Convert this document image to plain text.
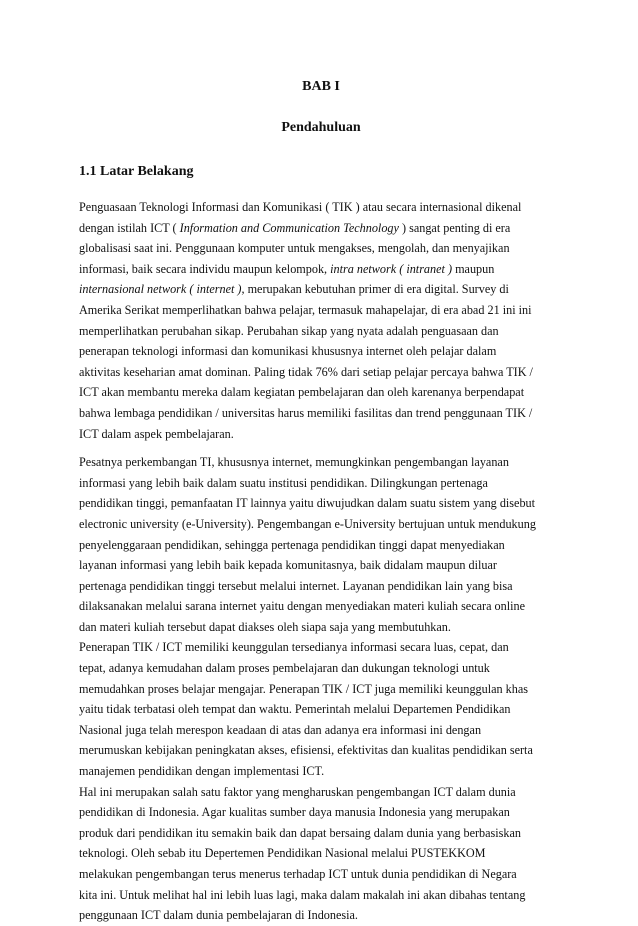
BAB I
Pendahuluan
1.1 Latar Belakang
Penguasaan Teknologi Informasi dan Komunikasi ( TIK ) atau secara internasional dikenal
dengan istilah ICT ( Information and Communication Technology ) sangat penting di era
globalisasi saat ini. Penggunaan komputer untuk mengakses, mengolah, dan menyajikan
informasi, baik secara individu maupun kelompok, intra network ( intranet ) maupun
internasional network ( internet ), merupakan kebutuhan primer di era digital. Survey di
Amerika Serikat memperlihatkan bahwa pelajar, termasuk mahapelajar, di era abad 21 ini ini
memperlihatkan perubahan sikap. Perubahan sikap yang nyata adalah penguasaan dan
penerapan teknologi informasi dan komunikasi khususnya internet oleh pelajar dalam
aktivitas keseharian amat dominan. Paling tidak 76% dari setiap pelajar percaya bahwa TIK /
ICT akan membantu mereka dalam kegiatan pembelajaran dan oleh karenanya berpendapat
bahwa lembaga pendidikan / universitas harus memiliki fasilitas dan trend penggunaan TIK /
ICT dalam aspek pembelajaran.
Pesatnya perkembangan TI, khususnya internet, memungkinkan pengembangan layanan
informasi yang lebih baik dalam suatu institusi pendidikan. Dilingkungan pertenaga
pendidikan tinggi, pemanfaatan IT lainnya yaitu diwujudkan dalam suatu sistem yang disebut
electronic university (e-University). Pengembangan e-University bertujuan untuk mendukung
penyelenggaraan pendidikan, sehingga pertenaga pendidikan tinggi dapat menyediakan
layanan informasi yang lebih baik kepada komunitasnya, baik didalam maupun diluar
pertenaga pendidikan tinggi tersebut melalui internet. Layanan pendidikan lain yang bisa
dilaksanakan melalui sarana internet yaitu dengan menyediakan materi kuliah secara online
dan materi kuliah tersebut dapat diakses oleh siapa saja yang membutuhkan.
Penerapan TIK / ICT memiliki keunggulan tersedianya informasi secara luas, cepat, dan
tepat, adanya kemudahan dalam proses pembelajaran dan dukungan teknologi untuk
memudahkan proses belajar mengajar. Penerapan TIK / ICT juga memiliki keunggulan khas
yaitu tidak terbatasi oleh tempat dan waktu. Pemerintah melalui Departemen Pendidikan
Nasional juga telah merespon keadaan di atas dan adanya era informasi ini dengan
merumuskan kebijakan peningkatan akses, efisiensi, efektivitas dan kualitas pendidikan serta
manajemen pendidikan dengan implementasi ICT.
Hal ini merupakan salah satu faktor yang mengharuskan pengembangan ICT dalam dunia
pendidikan di Indonesia. Agar kualitas sumber daya manusia Indonesia yang merupakan
produk dari pendidikan itu semakin baik dan dapat bersaing dalam dunia yang berbasiskan
teknologi. Oleh sebab itu Depertemen Pendidikan Nasional melalui PUSTEKKOM
melakukan pengembangan terus menerus terhadap ICT untuk dunia pendidikan di Negara
kita ini. Untuk melihat hal ini lebih luas lagi, maka dalam makalah ini akan dibahas tentang
penggunaan ICT dalam dunia pembelajaran di Indonesia.
